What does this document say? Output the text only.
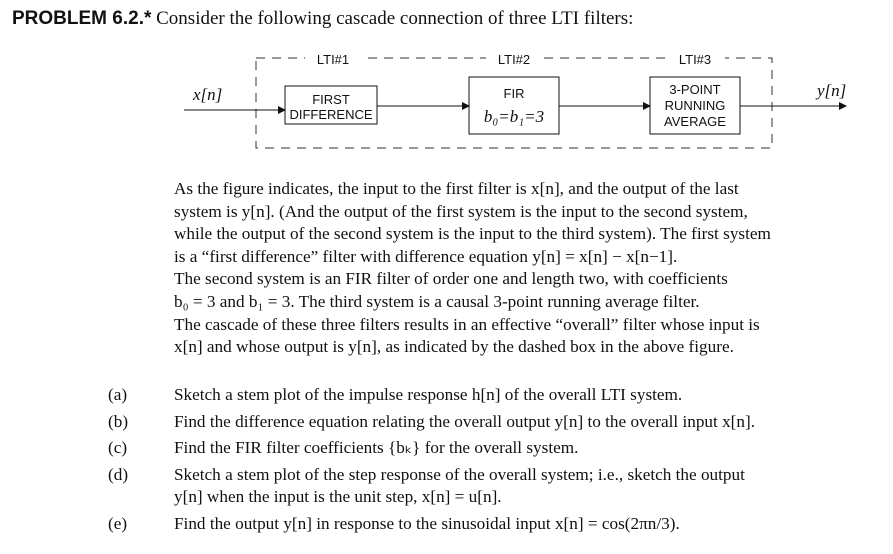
PROBLEM 6.2.* Consider the following cascade connection of three LTI filters:
LTI#1	LTI#2	LTI#3
FIRST
DIFFERENCE
FIR
b₀=b₁=3
3-POINT
RUNNING
AVERAGE
x[n]	y[n]
As the figure indicates, the input to the first filter is x[n], and the output of the last
system is y[n]. (And the output of the first system is the input to the second system,
while the output of the second system is the input to the third system). The first system
is a “first difference” filter with difference equation y[n] = x[n] − x[n−1].
The second system is an FIR filter of order one and length two, with coefficients
b₀ = 3 and b₁ = 3. The third system is a causal 3-point running average filter.
The cascade of these three filters results in an effective “overall” filter whose input is
x[n] and whose output is y[n], as indicated by the dashed box in the above figure.
(a)	Sketch a stem plot of the impulse response h[n] of the overall LTI system.
(b)	Find the difference equation relating the overall output y[n] to the overall input x[n].
(c)	Find the FIR filter coefficients {bₖ} for the overall system.
(d)	Sketch a stem plot of the step response of the overall system; i.e., sketch the output
y[n] when the input is the unit step, x[n] = u[n].
(e)	Find the output y[n] in response to the sinusoidal input x[n] = cos(2πn/3).
